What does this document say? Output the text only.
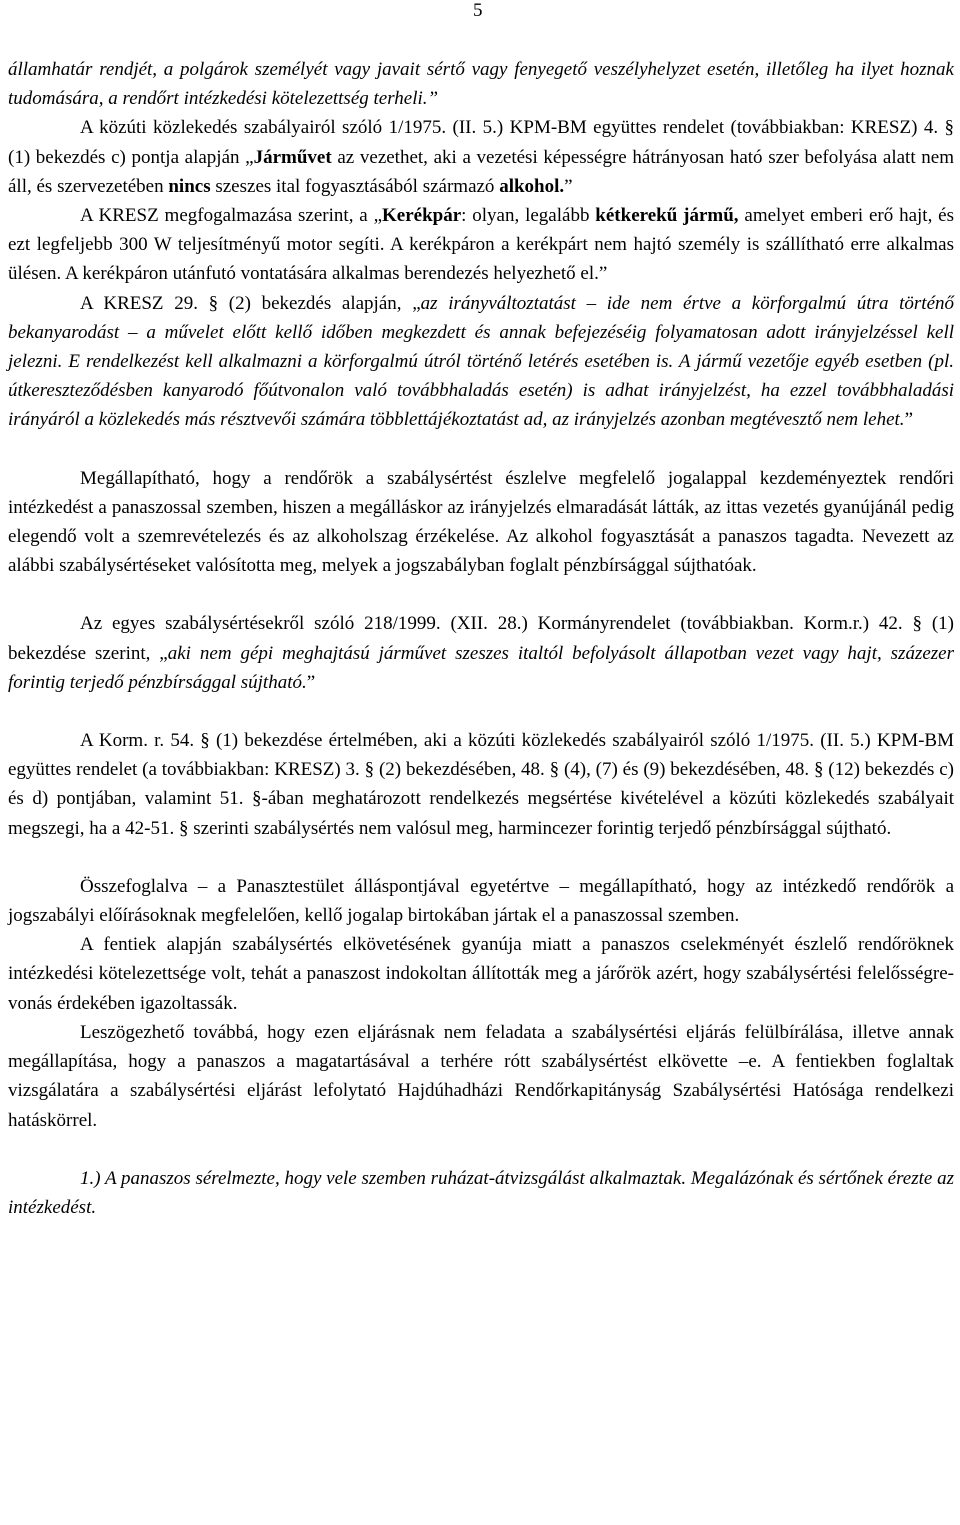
5

államhatár rendjét, a polgárok személyét vagy javait sértő vagy fenyegető veszélyhelyzet esetén, illetőleg ha ilyet hoznak tudomására, a rendőrt intézkedési kötelezettség terheli.”

A közúti közlekedés szabályairól szóló 1/1975. (II. 5.) KPM-BM együttes rendelet (továbbiakban: KRESZ) 4. § (1) bekezdés c) pontja alapján „Járművet az vezethet, aki a vezetési képességre hátrányosan ható szer befolyása alatt nem áll, és szervezetében nincs szeszes ital fogyasztásából származó alkohol.”

A KRESZ megfogalmazása szerint, a „Kerékpár: olyan, legalább kétkerekű jármű, amelyet emberi erő hajt, és ezt legfeljebb 300 W teljesítményű motor segíti. A kerékpáron a kerékpárt nem hajtó személy is szállítható erre alkalmas ülésen. A kerékpáron utánfutó vontatására alkalmas berendezés helyezhető el.”

A KRESZ 29. § (2) bekezdés alapján, „az irányváltoztatást – ide nem értve a körforgalmú útra történő bekanyarodást – a művelet előtt kellő időben megkezdett és annak befejezéséig folyamatosan adott irányjelzéssel kell jelezni. E rendelkezést kell alkalmazni a körforgalmú útról történő letérés esetében is. A jármű vezetője egyéb esetben (pl. útkereszteződésben kanyarodó főútvonalon való továbbhaladás esetén) is adhat irányjelzést, ha ezzel továbbhaladási irányáról a közlekedés más résztvevői számára többlettájékoztatást ad, az irányjelzés azonban megtévesztő nem lehet.”

Megállapítható, hogy a rendőrök a szabálysértést észlelve megfelelő jogalappal kezdeményeztek rendőri intézkedést a panaszossal szemben, hiszen a megálláskor az irányjelzés elmaradását látták, az ittas vezetés gyanújánál pedig elegendő volt a szemrevételezés és az alkoholszag érzékelése. Az alkohol fogyasztását a panaszos tagadta. Nevezett az alábbi szabálysértéseket valósította meg, melyek a jogszabályban foglalt pénzbírsággal sújthatóak.

Az egyes szabálysértésekről szóló 218/1999. (XII. 28.) Kormányrendelet (továbbiakban. Korm.r.) 42. § (1) bekezdése szerint, „aki nem gépi meghajtású járművet szeszes italtól befolyásolt állapotban vezet vagy hajt, százezer forintig terjedő pénzbírsággal sújtható.”

A Korm. r. 54. § (1) bekezdése értelmében, aki a közúti közlekedés szabályairól szóló 1/1975. (II. 5.) KPM-BM együttes rendelet (a továbbiakban: KRESZ) 3. § (2) bekezdésében, 48. § (4), (7) és (9) bekezdésében, 48. § (12) bekezdés c) és d) pontjában, valamint 51. §-ában meghatározott rendelkezés megsértése kivételével a közúti közlekedés szabályait megszegi, ha a 42-51. § szerinti szabálysértés nem valósul meg, harmincezer forintig terjedő pénzbírsággal sújtható.

Összefoglalva – a Panasztestület álláspontjával egyetértve – megállapítható, hogy az intézkedő rendőrök a jogszabályi előírásoknak megfelelően, kellő jogalap birtokában jártak el a panaszossal szemben.

A fentiek alapján szabálysértés elkövetésének gyanúja miatt a panaszos cselekményét észlelő rendőröknek intézkedési kötelezettsége volt, tehát a panaszost indokoltan állították meg a járőrök azért, hogy szabálysértési felelősségre-vonás érdekében igazoltassák.

Leszögezhető továbbá, hogy ezen eljárásnak nem feladata a szabálysértési eljárás felülbírálása, illetve annak megállapítása, hogy a panaszos a magatartásával a terhére rótt szabálysértést elkövette –e. A fentiekben foglaltak vizsgálatára a szabálysértési eljárást lefolytató Hajdúhadházi Rendőrkapitányság Szabálysértési Hatósága rendelkezi hatáskörrel.

1.) A panaszos sérelmezte, hogy vele szemben ruházat-átvizsgálást alkalmaztak. Megalázónak és sértőnek érezte az intézkedést.
